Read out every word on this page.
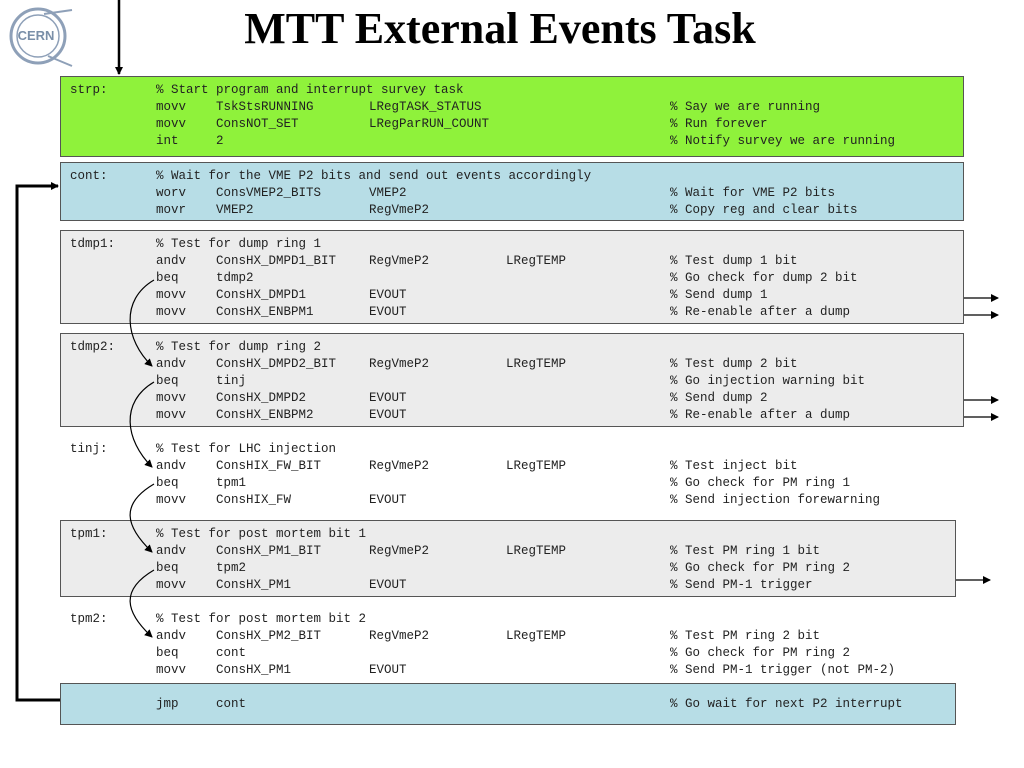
CERN	MTT External Events Task
strp:	% Start program and interrupt survey task
movv TskStsRUNNING	LRegTASK_STATUS	% Say we are running
movv ConsNOT_SET	LRegParRUN_COUNT	% Run forever
int	2	% Notify survey we are running
cont:	% Wait for the VME P2 bits and send out events accordingly
worv ConsVMEP2_BITS	VMEP2	% Wait for VME P2 bits
movr VMEP2	RegVmeP2	% Copy reg and clear bits
tdmp1:	% Test for dump ring 1
andv ConsHX_DMPD1_BIT	RegVmeP2	LRegTEMP	% Test dump 1 bit
beq	tdmp2	% Go check for dump 2 bit
movv ConsHX_DMPD1	EVOUT	% Send dump 1
movv ConsHX_ENBPM1	EVOUT	% Re-enable after a dump
tdmp2:	% Test for dump ring 2
andv ConsHX_DMPD2_BIT	RegVmeP2	LRegTEMP	% Test dump 2 bit
beq	tinj	% Go injection warning bit
movv ConsHX_DMPD2	EVOUT	% Send dump 2
movv ConsHX_ENBPM2	EVOUT	% Re-enable after a dump
tinj:	% Test for LHC injection
andv ConsHIX_FW_BIT	RegVmeP2	LRegTEMP	% Test inject bit
beq	tpm1	% Go check for PM ring 1
movv ConsHIX_FW	EVOUT	% Send injection forewarning
tpm1:	% Test for post mortem bit 1
andv ConsHX_PM1_BIT	RegVmeP2	LRegTEMP	% Test PM ring 1 bit
beq	tpm2	% Go check for PM ring 2
movv ConsHX_PM1	EVOUT	% Send PM-1 trigger
tpm2:	% Test for post mortem bit 2
andv ConsHX_PM2_BIT	RegVmeP2	LRegTEMP	% Test PM ring 2 bit
beq	cont	% Go check for PM ring 2
movv ConsHX_PM1	EVOUT	% Send PM-1 trigger (not PM-2)
jmp	cont	% Go wait for next P2 interrupt
